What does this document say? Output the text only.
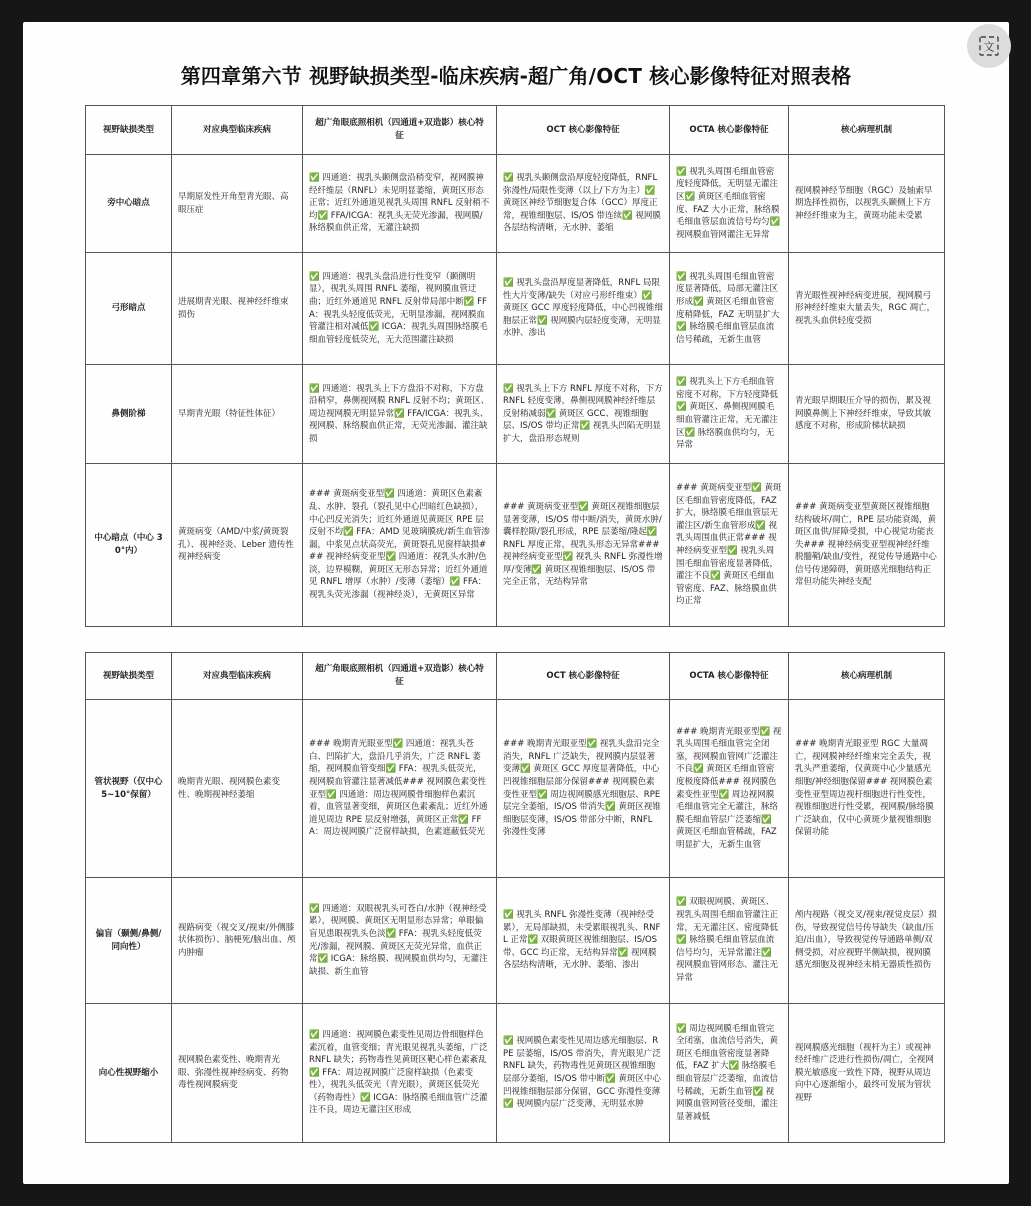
第四章第六节 视野缺损类型-临床疾病-超广角/OCT 核心影像特征对照表格
文
视野缺损类型	对应典型临床疾病	超广角眼底照相机（四通道+双造影）核心特征	OCT 核心影像特征	OCTA 核心影像特征	核心病理机制
旁中心暗点	早期原发性开角型青光眼、高眼压症	✅ 四通道：视乳头颞侧盘沿稍变窄，视网膜神经纤维层（RNFL）未见明显萎缩，黄斑区形态正常；近红外通道见视乳头周围 RNFL 反射稍不均✅ FFA/ICGA：视乳头无荧光渗漏，视网膜/脉络膜血供正常，无灌注缺损	✅ 视乳头颞侧盘沿厚度轻度降低，RNFL 弥漫性/局限性变薄（以上/下方为主）✅ 黄斑区神经节细胞复合体（GCC）厚度正常，视锥细胞层、IS/OS 带连续✅ 视网膜各层结构清晰，无水肿、萎缩	✅ 视乳头周围毛细血管密度轻度降低，无明显无灌注区✅ 黄斑区毛细血管密度、FAZ 大小正常，脉络膜毛细血管层血流信号均匀✅ 视网膜血管网灌注无异常	视网膜神经节细胞（RGC）及轴索早期选择性损伤，以视乳头颞侧上下方神经纤维束为主，黄斑功能未受累
弓形暗点	进展期青光眼、视神经纤维束损伤	✅ 四通道：视乳头盘沿进行性变窄（颞侧明显），视乳头周围 RNFL 萎缩，视网膜血管迂曲；近红外通道见 RNFL 反射带局部中断✅ FFA：视乳头轻度低荧光，无明显渗漏，视网膜血管灌注相对减低✅ ICGA：视乳头周围脉络膜毛细血管轻度低荧光，无大范围灌注缺损	✅ 视乳头盘沿厚度显著降低，RNFL 局限性大片变薄/缺失（对应弓形纤维束）✅ 黄斑区 GCC 厚度轻度降低，中心凹视锥细胞层正常✅ 视网膜内层轻度变薄，无明显水肿、渗出	✅ 视乳头周围毛细血管密度显著降低，局部无灌注区形成✅ 黄斑区毛细血管密度稍降低，FAZ 无明显扩大✅ 脉络膜毛细血管层血流信号稀疏，无新生血管	青光眼性视神经病变进展，视网膜弓形神经纤维束大量丢失，RGC 凋亡，视乳头血供轻度受损
鼻侧阶梯	早期青光眼（特征性体征）	✅ 四通道：视乳头上下方盘沿不对称，下方盘沿稍窄，鼻侧视网膜 RNFL 反射不均；黄斑区、周边视网膜无明显异常✅ FFA/ICGA：视乳头、视网膜、脉络膜血供正常，无荧光渗漏、灌注缺损	✅ 视乳头上下方 RNFL 厚度不对称，下方 RNFL 轻度变薄，鼻侧视网膜神经纤维层反射稍减弱✅ 黄斑区 GCC、视锥细胞层、IS/OS 带均正常✅ 视乳头凹陷无明显扩大，盘沿形态规则	✅ 视乳头上下方毛细血管密度不对称，下方轻度降低✅ 黄斑区、鼻侧视网膜毛细血管灌注正常，无无灌注区✅ 脉络膜血供均匀，无异常	青光眼早期眼压介导的损伤，累及视网膜鼻侧上下神经纤维束，导致其敏感度不对称，形成阶梯状缺损
中心暗点（中心 30°内）	黄斑病变（AMD/中浆/黄斑裂孔）、视神经炎、Leber 遗传性视神经病变	### 黄斑病变亚型✅ 四通道：黄斑区色素紊乱、水肿、裂孔（裂孔见中心凹暗红色缺损），中心凹反光消失；近红外通道见黄斑区 RPE 层反射不均✅ FFA：AMD 见玻璃膜疣/新生血管渗漏，中浆见点状高荧光，黄斑裂孔见窗样缺损### 视神经病变亚型✅ 四通道：视乳头水肿/色淡，边界模糊，黄斑区无形态异常；近红外通道见 RNFL 增厚（水肿）/变薄（萎缩）✅ FFA：视乳头荧光渗漏（视神经炎），无黄斑区异常	### 黄斑病变亚型✅ 黄斑区视锥细胞层显著变薄，IS/OS 带中断/消失，黄斑水肿/囊样腔隙/裂孔形成，RPE 层萎缩/隆起✅ RNFL 厚度正常，视乳头形态无异常### 视神经病变亚型✅ 视乳头 RNFL 弥漫性增厚/变薄✅ 黄斑区视锥细胞层、IS/OS 带完全正常，无结构异常	### 黄斑病变亚型✅ 黄斑区毛细血管密度降低，FAZ 扩大，脉络膜毛细血管层无灌注区/新生血管形成✅ 视乳头周围血供正常### 视神经病变亚型✅ 视乳头周围毛细血管密度显著降低，灌注不良✅ 黄斑区毛细血管密度、FAZ、脉络膜血供均正常	### 黄斑病变亚型黄斑区视锥细胞结构破坏/凋亡，RPE 层功能衰竭，黄斑区血供/屏障受损，中心视觉功能丧失### 视神经病变亚型视神经纤维脱髓鞘/缺血/变性，视觉传导通路中心信号传递障碍，黄斑感光细胞结构正常但功能失神经支配
视野缺损类型	对应典型临床疾病	超广角眼底照相机（四通道+双造影）核心特征	OCT 核心影像特征	OCTA 核心影像特征	核心病理机制
管状视野（仅中心 5~10°保留）	晚期青光眼、视网膜色素变性、晚期视神经萎缩	### 晚期青光眼亚型✅ 四通道：视乳头苍白、凹陷扩大，盘沿几乎消失，广泛 RNFL 萎缩，视网膜血管变细✅ FFA：视乳头低荧光，视网膜血管灌注显著减低### 视网膜色素变性亚型✅ 四通道：周边视网膜骨细胞样色素沉着，血管显著变细，黄斑区色素紊乱；近红外通道见周边 RPE 层反射增强，黄斑区正常✅ FFA：周边视网膜广泛窗样缺损，色素遮蔽低荧光	### 晚期青光眼亚型✅ 视乳头盘沿完全消失，RNFL 广泛缺失，视网膜内层显著变薄✅ 黄斑区 GCC 厚度显著降低，中心凹视锥细胞层部分保留### 视网膜色素变性亚型✅ 周边视网膜感光细胞层、RPE 层完全萎缩，IS/OS 带消失✅ 黄斑区视锥细胞层变薄，IS/OS 带部分中断，RNFL 弥漫性变薄	### 晚期青光眼亚型✅ 视乳头周围毛细血管完全闭塞，视网膜血管网广泛灌注不良✅ 黄斑区毛细血管密度极度降低### 视网膜色素变性亚型✅ 周边视网膜毛细血管完全无灌注，脉络膜毛细血管层广泛萎缩✅ 黄斑区毛细血管稀疏，FAZ 明显扩大，无新生血管	### 晚期青光眼亚型 RGC 大量凋亡，视网膜神经纤维束完全丢失，视乳头严重萎缩，仅黄斑中心少量感光细胞/神经细胞保留### 视网膜色素变性亚型周边视杆细胞进行性变性，视锥细胞进行性受累，视网膜/脉络膜广泛缺血，仅中心黄斑少量视锥细胞保留功能
偏盲（颞侧/鼻侧/同向性）	视路病变（视交叉/视束/外侧膝状体损伤）、脑梗死/脑出血、颅内肿瘤	✅ 四通道：双眼视乳头可苍白/水肿（视神经受累），视网膜、黄斑区无明显形态异常；单眼偏盲见患眼视乳头色淡✅ FFA：视乳头轻度低荧光/渗漏，视网膜、黄斑区无荧光异常，血供正常✅ ICGA：脉络膜、视网膜血供均匀，无灌注缺损、新生血管	✅ 视乳头 RNFL 弥漫性变薄（视神经受累），无局部缺损，未受累眼视乳头、RNFL 正常✅ 双眼黄斑区视锥细胞层、IS/OS 带、GCC 均正常，无结构异常✅ 视网膜各层结构清晰，无水肿、萎缩、渗出	✅ 双眼视网膜、黄斑区、视乳头周围毛细血管灌注正常，无无灌注区、密度降低✅ 脉络膜毛细血管层血流信号均匀，无异常灌注✅ 视网膜血管网形态、灌注无异常	颅内视路（视交叉/视束/视觉皮层）损伤，导致视觉信号传导缺失（缺血/压迫/出血），导致视觉传导通路单侧/双侧受损，对应视野半侧缺损，视网膜感光细胞及视神经末梢无器质性损伤
向心性视野缩小	视网膜色素变性、晚期青光眼、弥漫性视神经病变、药物毒性视网膜病变	✅ 四通道：视网膜色素变性见周边骨细胞样色素沉着，血管变细；青光眼见视乳头萎缩，广泛 RNFL 缺失；药物毒性见黄斑区靶心样色素紊乱✅ FFA：周边视网膜广泛窗样缺损（色素变性），视乳头低荧光（青光眼），黄斑区低荧光（药物毒性）✅ ICGA：脉络膜毛细血管广泛灌注不良，周边无灌注区形成	✅ 视网膜色素变性见周边感光细胞层、RPE 层萎缩，IS/OS 带消失，青光眼见广泛 RNFL 缺失，药物毒性见黄斑区视锥细胞层部分萎缩，IS/OS 带中断✅ 黄斑区中心凹视锥细胞层部分保留，GCC 弥漫性变薄✅ 视网膜内层广泛变薄，无明显水肿	✅ 周边视网膜毛细血管完全闭塞，血流信号消失，黄斑区毛细血管密度显著降低，FAZ 扩大✅ 脉络膜毛细血管层广泛萎缩，血流信号稀疏，无新生血管✅ 视网膜血管网管径变细，灌注显著减低	视网膜感光细胞（视杆为主）或视神经纤维广泛进行性损伤/凋亡，全视网膜光敏感度一致性下降，视野从周边向中心逐渐缩小，最终可发展为管状视野
